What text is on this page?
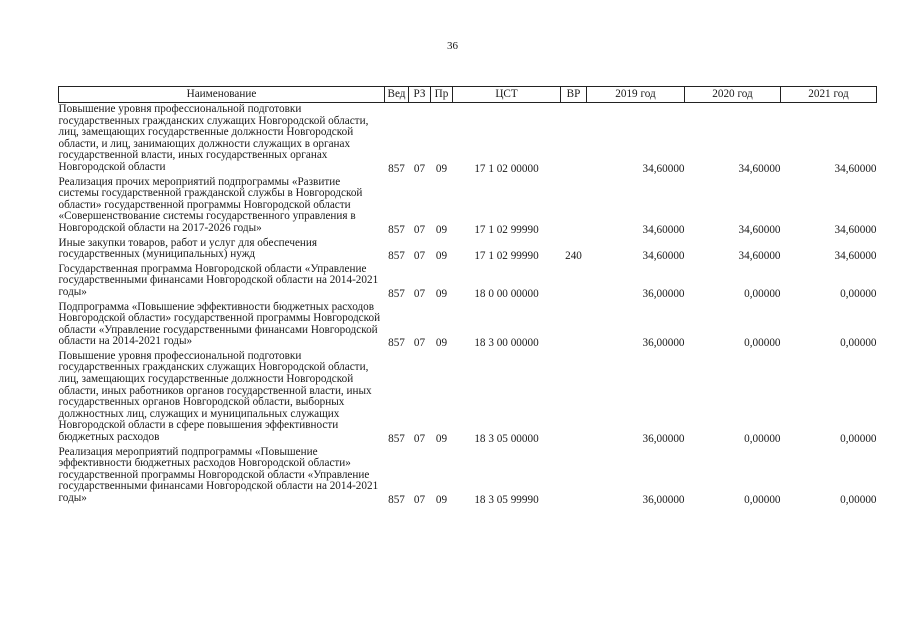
36
Наименование	Вед	РЗ	Пр	ЦСТ	ВР	2019 год	2020 год	2021 год
Повышение уровня профессиональной подготовки государственных гражданских служащих Новгородской области, лиц, замещающих государственные должности Новгородской области, и лиц, занимающих должности служащих в органах государственной власти, иных государственных органах Новгородской области	857	07	09	17 1 02 00000		34,60000	34,60000	34,60000
Реализация прочих мероприятий подпрограммы «Развитие системы государственной гражданской службы в Новгородской области» государственной программы Новгородской области «Совершенствование системы государственного управления в Новгородской области на 2017-2026 годы»	857	07	09	17 1 02 99990		34,60000	34,60000	34,60000
Иные закупки товаров, работ и услуг для обеспечения государственных (муниципальных) нужд	857	07	09	17 1 02 99990	240	34,60000	34,60000	34,60000
Государственная программа Новгородской области «Управление государственными финансами Новгородской области на 2014-2021 годы»	857	07	09	18 0 00 00000		36,00000	0,00000	0,00000
Подпрограмма «Повышение эффективности бюджетных расходов Новгородской области» государственной программы Новгородской области «Управление государственными финансами Новгородской области на 2014-2021 годы»	857	07	09	18 3 00 00000		36,00000	0,00000	0,00000
Повышение уровня профессиональной подготовки государственных гражданских служащих Новгородской области, лиц, замещающих государственные должности Новгородской области, иных работников органов государственной власти, иных государственных органов Новгородской области, выборных должностных лиц, служащих и муниципальных служащих Новгородской области в сфере повышения эффективности бюджетных расходов	857	07	09	18 3 05 00000		36,00000	0,00000	0,00000
Реализация мероприятий подпрограммы «Повышение эффективности бюджетных расходов Новгородской области» государственной программы Новгородской области «Управление государственными финансами Новгородской области на 2014-2021 годы»	857	07	09	18 3 05 99990		36,00000	0,00000	0,00000
